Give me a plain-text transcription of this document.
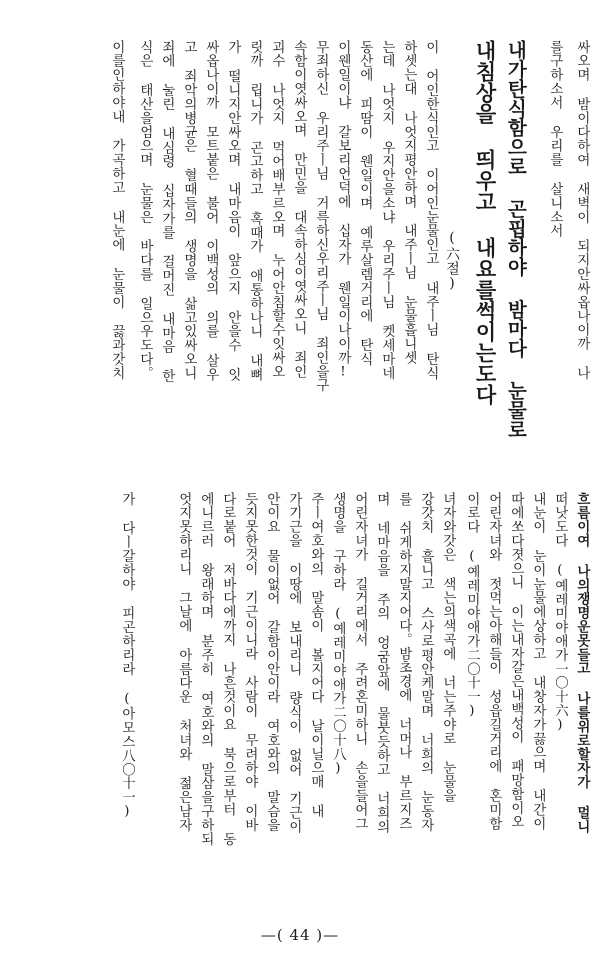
싸오며 밤이다하여 새벽이 되지안싸옵나이까 나
를구하소서 우리를 살니소서
내가탄식함으로 곤핍하야 밤마다 눈물로
내침상을 띄우고 내요를썩이는도다
(六절)
이 어인한식인고 이어인눈물인고 내주ㅣ님 탄식
하셋는대 나엇지평안하며 내주ㅣ님 눈물흘니셋
는데 나엇지 우지안을소냐 우리주ㅣ님 켓세마네
동산에 피땀이 웬일이며 예루살렘거리에 탄식
이웬일이냐 갈보리언덕에 십자가 웬일이나이까!
무죄하신 우리주ㅣ님 거륵하신우리주ㅣ님 죄인을구
속함이엿싸오며 만민을 대속하심이엿싸오니 죄인
괴수 나엇지 먹어배부르오며 누어안침할수잇싸오
릿까 립니가 곤고하고 혹때가 애통하나니 내뼈
가 떨니지안싸오며 내마음이 앞으지 안을수 잇
싸옵나이까 모트붙은 불어 이백성의 의를 살우
고 죄악의병균은 혈때들의 생명을 삶고있싸오니
죄에 눌린 내심령 십자가를 걸머진 내마음 한
식은 태산을엄으며 눈물은 바다를 일으우도다。
이를인하야내 가곡하고 내눈에 눈물이 끓과갓치
흐름이여 나의쟁명운못들고 나를위로할자가 멀니
떠낫도다 (예레미야애가一〇十六)
내눈이 눈이눈물에상하고 내창자가끓으며 내간이
따에쏘다졋으니 이는내자갈은내백성이 패망함이오
어린자녀와 젓먹는아해들이 성읍길거리에 혼미함
이로다 (예레미야애가二〇十一)
녀자와갓은 색는의색곡에 너는주야로 눈물을
강갓치 흘니고 스사로평안케말며 너희의 눈동자
를 쉬게하지말지어다。밤초경에 너머나 부르지즈
며 네마음을 주의 엉굼앞에 물붓듯하고 너희의
어린자녀가 길거리에서 주려혼미하니 손을들어그
생명을 구하라 (예레미야애가二〇十八)
주ㅣ여호와의 말솜이 볼지어다 날이닐으매 내
가기근을 이땅에 보내리니 량식이 없어 기근이
안이요 물이없어 갈함이안이라 여호와의 말슴을
듯지못한것이 기근이니라 사람이 무려하야 이바
다로붙어 저바다에까지 나흔것이요 북으로부터 동
에니르러 왕래하며 분주히 여호와의 말삼을구하되
엇지못하리니 그날에 아름다운 처녀와 젊은남자
가 다ㅣ갈하야 피곤하리라 (아모스八〇十一)
—( 44 )—
